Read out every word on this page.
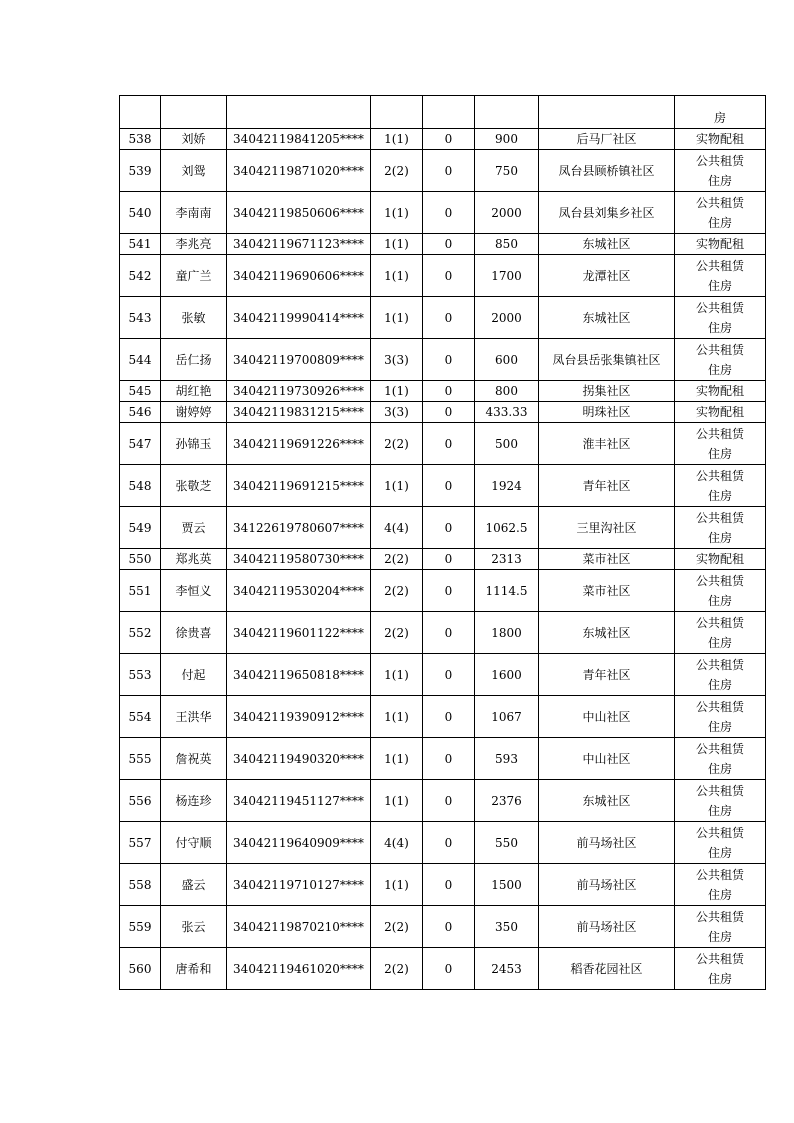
							房
538	刘娇	34042119841205****	1(1)	0	900	后马厂社区	实物配租
539	刘鸳	34042119871020****	2(2)	0	750	凤台县顾桥镇社区	公共租赁住房

540	李南南	34042119850606****	1(1)	0	2000	凤台县刘集乡社区	公共租赁住房

541	李兆亮	34042119671123****	1(1)	0	850	东城社区	实物配租
542	童广兰	34042119690606****	1(1)	0	1700	龙潭社区	公共租赁住房

543	张敏	34042119990414****	1(1)	0	2000	东城社区	公共租赁住房

544	岳仁扬	34042119700809****	3(3)	0	600	凤台县岳张集镇社区	公共租赁住房

545	胡红艳	34042119730926****	1(1)	0	800	拐集社区	实物配租
546	谢婷婷	34042119831215****	3(3)	0	433.33	明珠社区	实物配租
547	孙锦玉	34042119691226****	2(2)	0	500	淮丰社区	公共租赁住房

548	张敬芝	34042119691215****	1(1)	0	1924	青年社区	公共租赁住房

549	贾云	34122619780607****	4(4)	0	1062.5	三里沟社区	公共租赁住房

550	郑兆英	34042119580730****	2(2)	0	2313	菜市社区	实物配租
551	李恒义	34042119530204****	2(2)	0	1114.5	菜市社区	公共租赁住房

552	徐贵喜	34042119601122****	2(2)	0	1800	东城社区	公共租赁住房

553	付起	34042119650818****	1(1)	0	1600	青年社区	公共租赁住房

554	王洪华	34042119390912****	1(1)	0	1067	中山社区	公共租赁住房

555	詹祝英	34042119490320****	1(1)	0	593	中山社区	公共租赁住房

556	杨连珍	34042119451127****	1(1)	0	2376	东城社区	公共租赁住房

557	付守顺	34042119640909****	4(4)	0	550	前马场社区	公共租赁住房

558	盛云	34042119710127****	1(1)	0	1500	前马场社区	公共租赁住房

559	张云	34042119870210****	2(2)	0	350	前马场社区	公共租赁住房

560	唐希和	34042119461020****	2(2)	0	2453	稻香花园社区	公共租赁住房
